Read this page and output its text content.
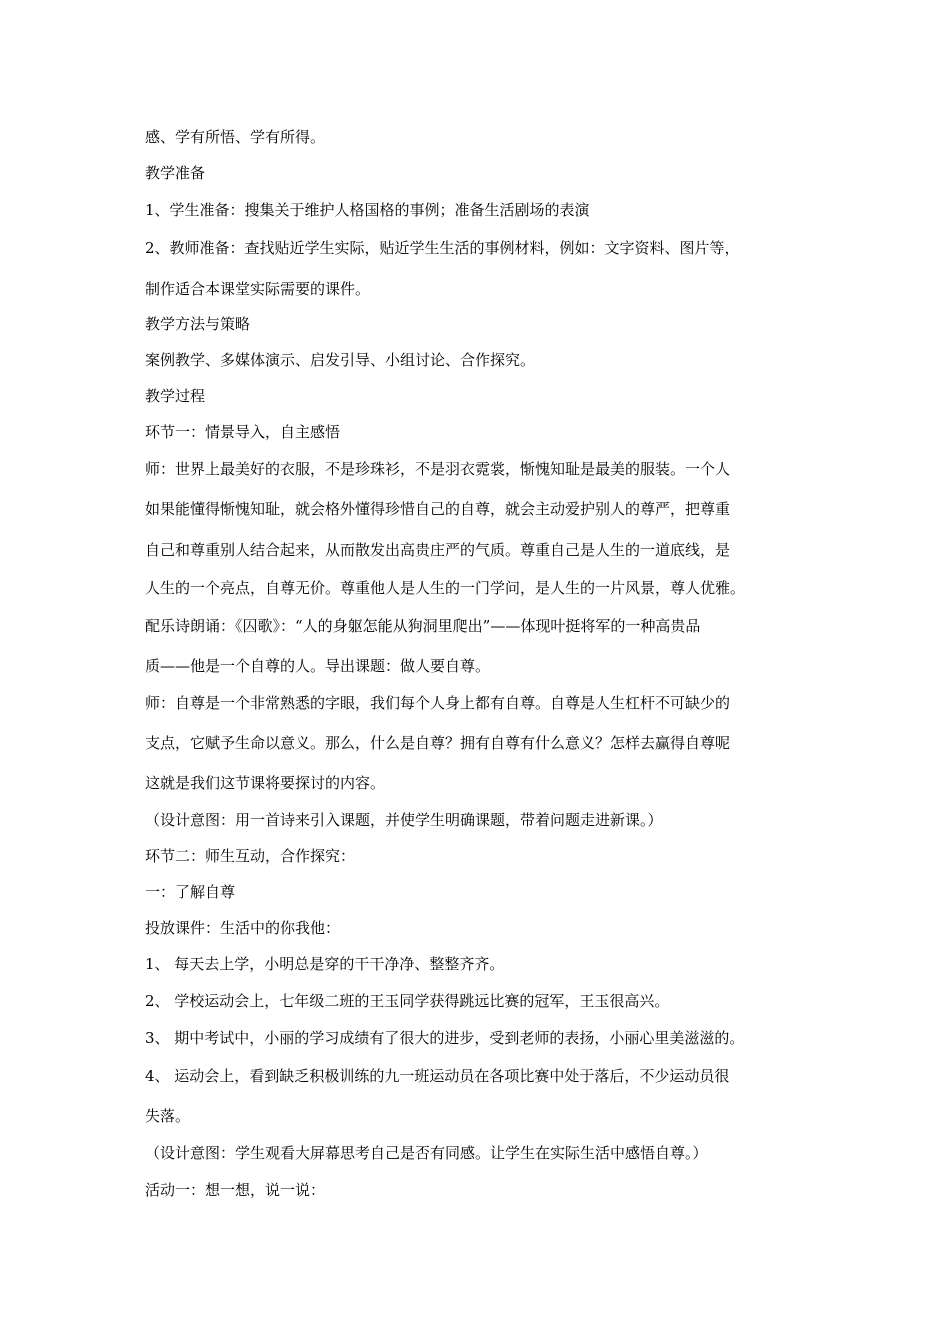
感、学有所悟、学有所得。
教学准备
1、学生准备：搜集关于维护人格国格的事例；准备生活剧场的表演
2、教师准备：查找贴近学生实际，贴近学生生活的事例材料，例如：文字资料、图片等，
制作适合本课堂实际需要的课件。
教学方法与策略
案例教学、多媒体演示、启发引导、小组讨论、合作探究。
教学过程
环节一：情景导入，自主感悟
师：世界上最美好的衣服，不是珍珠衫，不是羽衣霓裳，惭愧知耻是最美的服装。一个人
如果能懂得惭愧知耻，就会格外懂得珍惜自己的自尊，就会主动爱护别人的尊严，把尊重
自己和尊重别人结合起来，从而散发出高贵庄严的气质。尊重自己是人生的一道底线，是
人生的一个亮点，自尊无价。尊重他人是人生的一门学问，是人生的一片风景，尊人优雅。
配乐诗朗诵：《囚歌》：“人的身躯怎能从狗洞里爬出”——体现叶挺将军的一种高贵品
质——他是一个自尊的人。导出课题：做人要自尊。
师：自尊是一个非常熟悉的字眼，我们每个人身上都有自尊。自尊是人生杠杆不可缺少的
支点，它赋予生命以意义。那么，什么是自尊？拥有自尊有什么意义？怎样去赢得自尊呢
这就是我们这节课将要探讨的内容。
（设计意图：用一首诗来引入课题，并使学生明确课题，带着问题走进新课。）
环节二：师生互动，合作探究：
一：了解自尊
投放课件：生活中的你我他：
1、 每天去上学，小明总是穿的干干净净、整整齐齐。
2、 学校运动会上，七年级二班的王玉同学获得跳远比赛的冠军，王玉很高兴。
3、 期中考试中，小丽的学习成绩有了很大的进步，受到老师的表扬，小丽心里美滋滋的。
4、 运动会上，看到缺乏积极训练的九一班运动员在各项比赛中处于落后，不少运动员很
失落。
（设计意图：学生观看大屏幕思考自己是否有同感。让学生在实际生活中感悟自尊。）
活动一：想一想，说一说：
